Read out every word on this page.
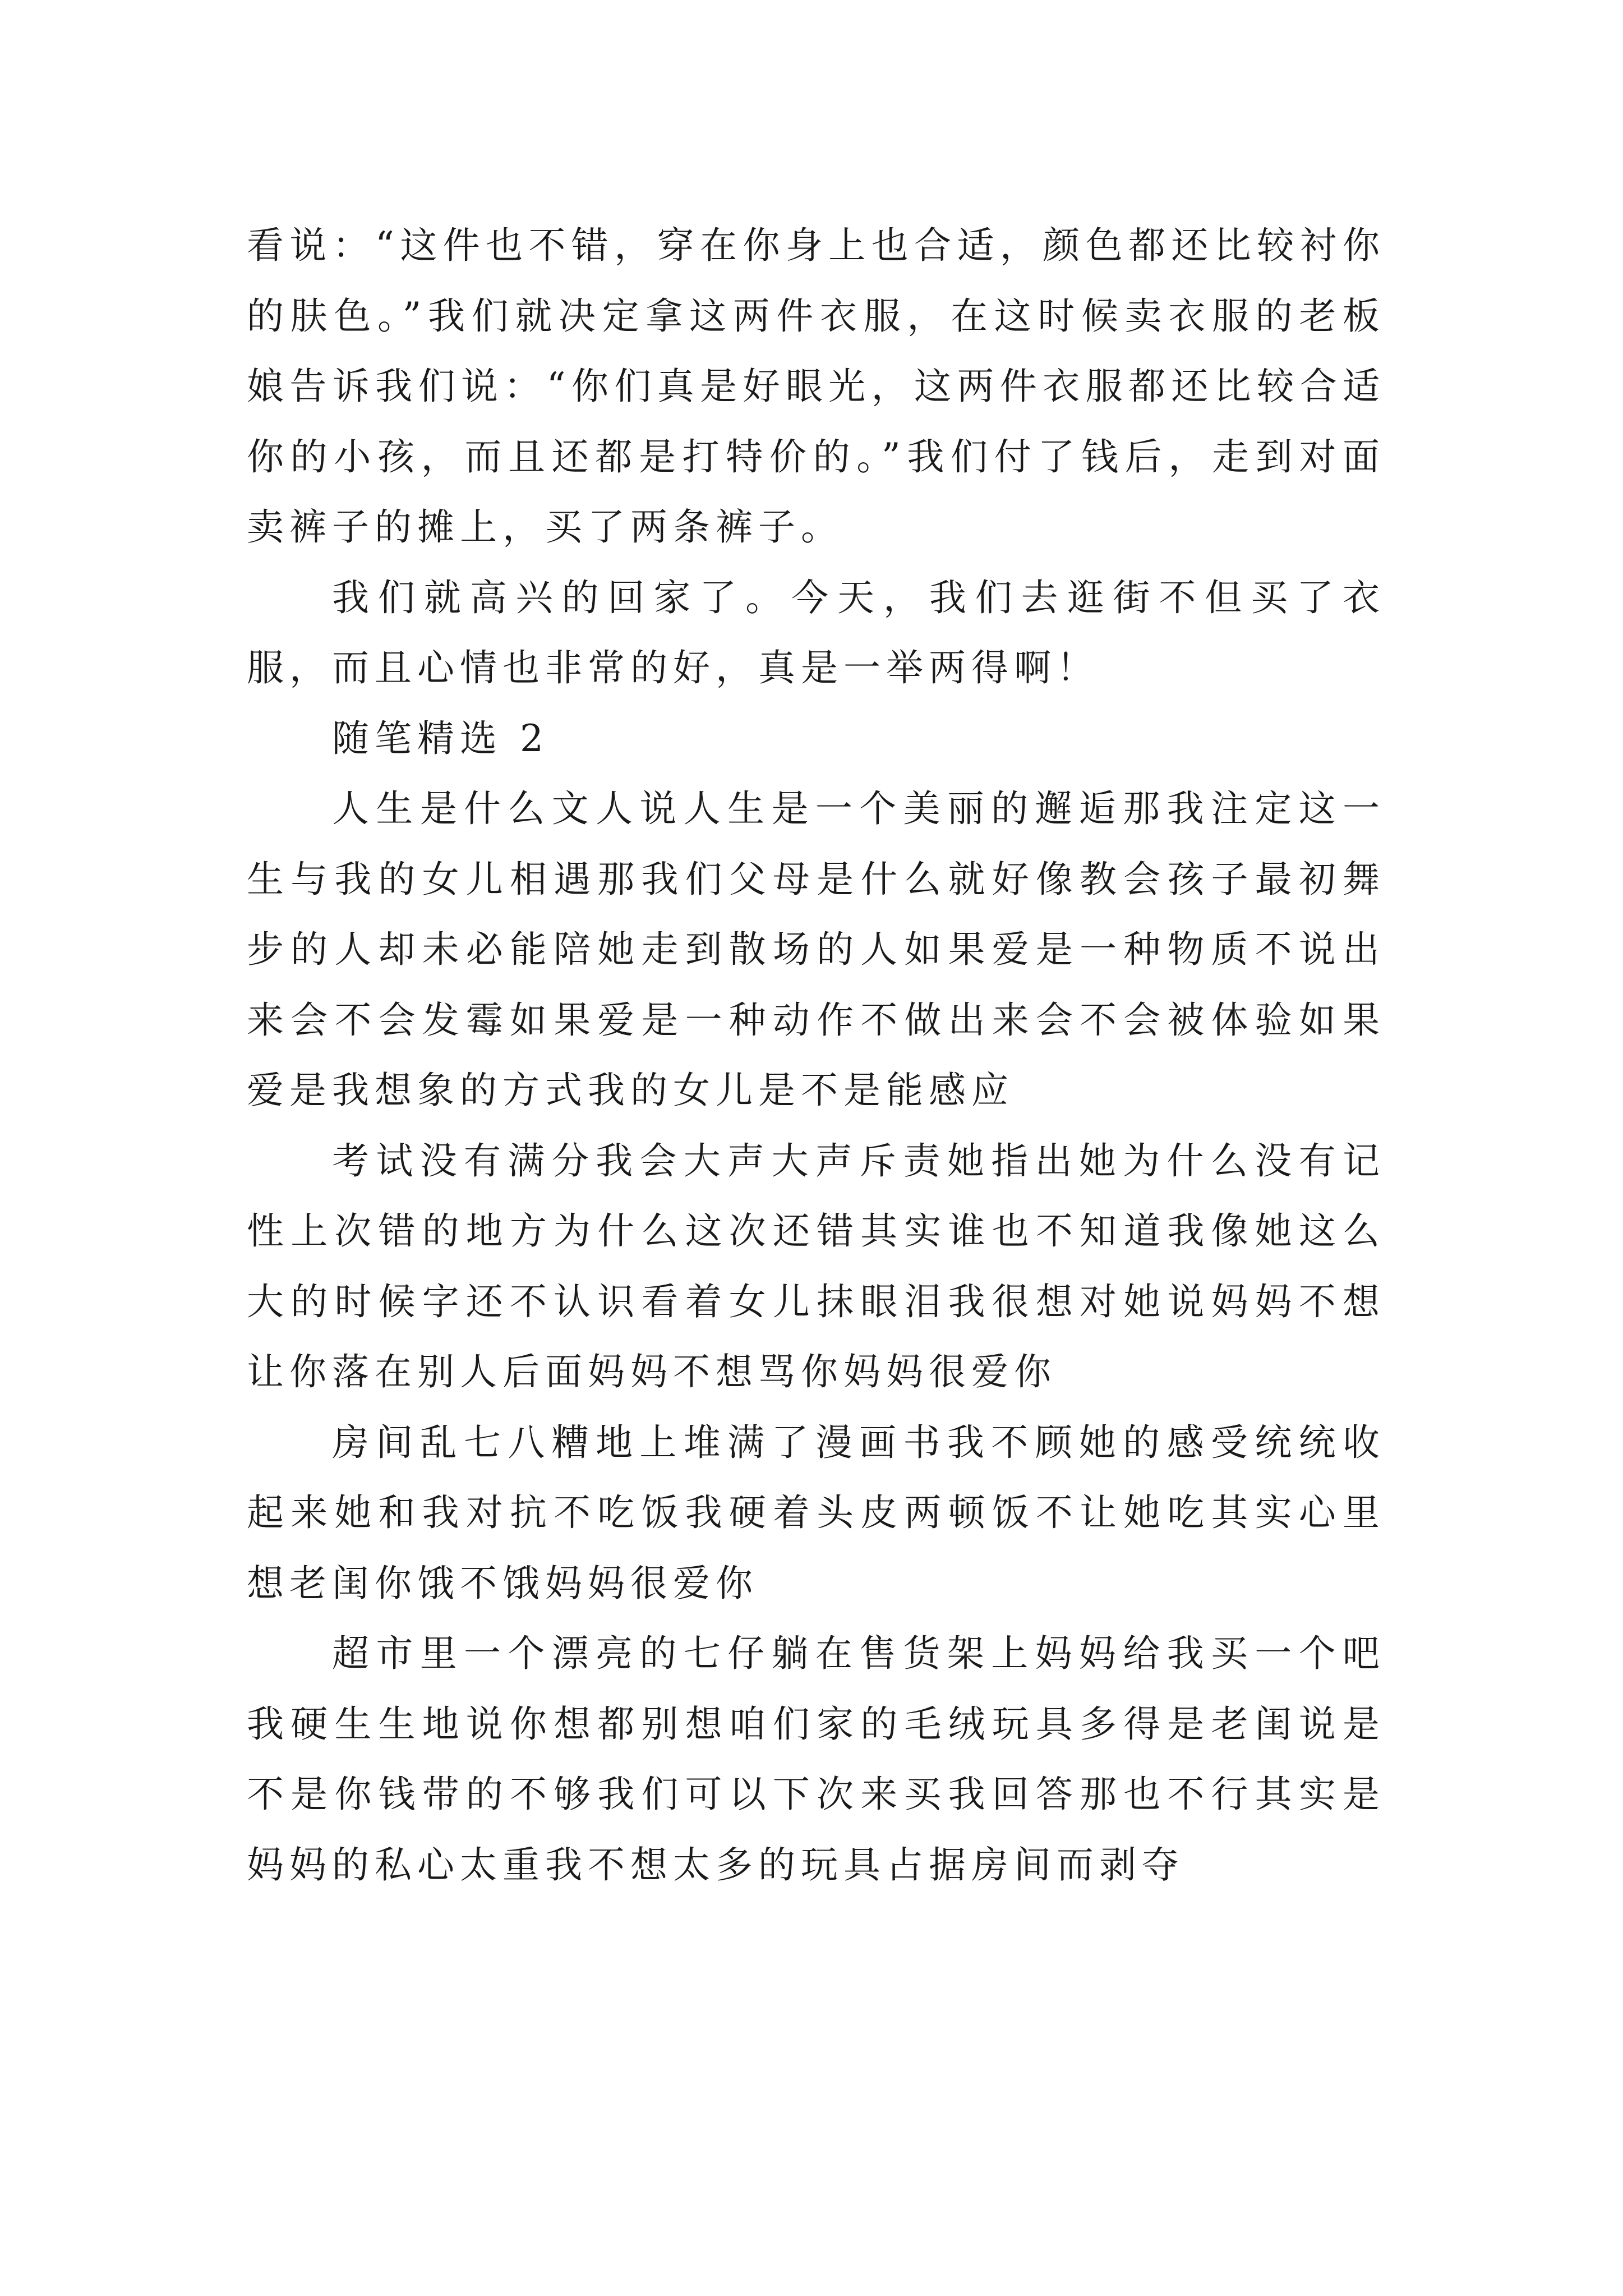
看说：“这件也不错，穿在你身上也合适，颜色都还比较衬你的肤色。”我们就决定拿这两件衣服，在这时候卖衣服的老板娘告诉我们说：“你们真是好眼光，这两件衣服都还比较合适你的小孩，而且还都是打特价的。”我们付了钱后，走到对面卖裤子的摊上，买了两条裤子。

我们就高兴的回家了。今天，我们去逛街不但买了衣服，而且心情也非常的好，真是一举两得啊！

随笔精选 2

人生是什么文人说人生是一个美丽的邂逅那我注定这一生与我的女儿相遇那我们父母是什么就好像教会孩子最初舞步的人却未必能陪她走到散场的人如果爱是一种物质不说出来会不会发霉如果爱是一种动作不做出来会不会被体验如果爱是我想象的方式我的女儿是不是能感应

考试没有满分我会大声大声斥责她指出她为什么没有记性上次错的地方为什么这次还错其实谁也不知道我像她这么大的时候字还不认识看着女儿抹眼泪我很想对她说妈妈不想让你落在别人后面妈妈不想骂你妈妈很爱你

房间乱七八糟地上堆满了漫画书我不顾她的感受统统收起来她和我对抗不吃饭我硬着头皮两顿饭不让她吃其实心里想老闺你饿不饿妈妈很爱你

超市里一个漂亮的七仔躺在售货架上妈妈给我买一个吧我硬生生地说你想都别想咱们家的毛绒玩具多得是老闺说是不是你钱带的不够我们可以下次来买我回答那也不行其实是妈妈的私心太重我不想太多的玩具占据房间而剥夺
